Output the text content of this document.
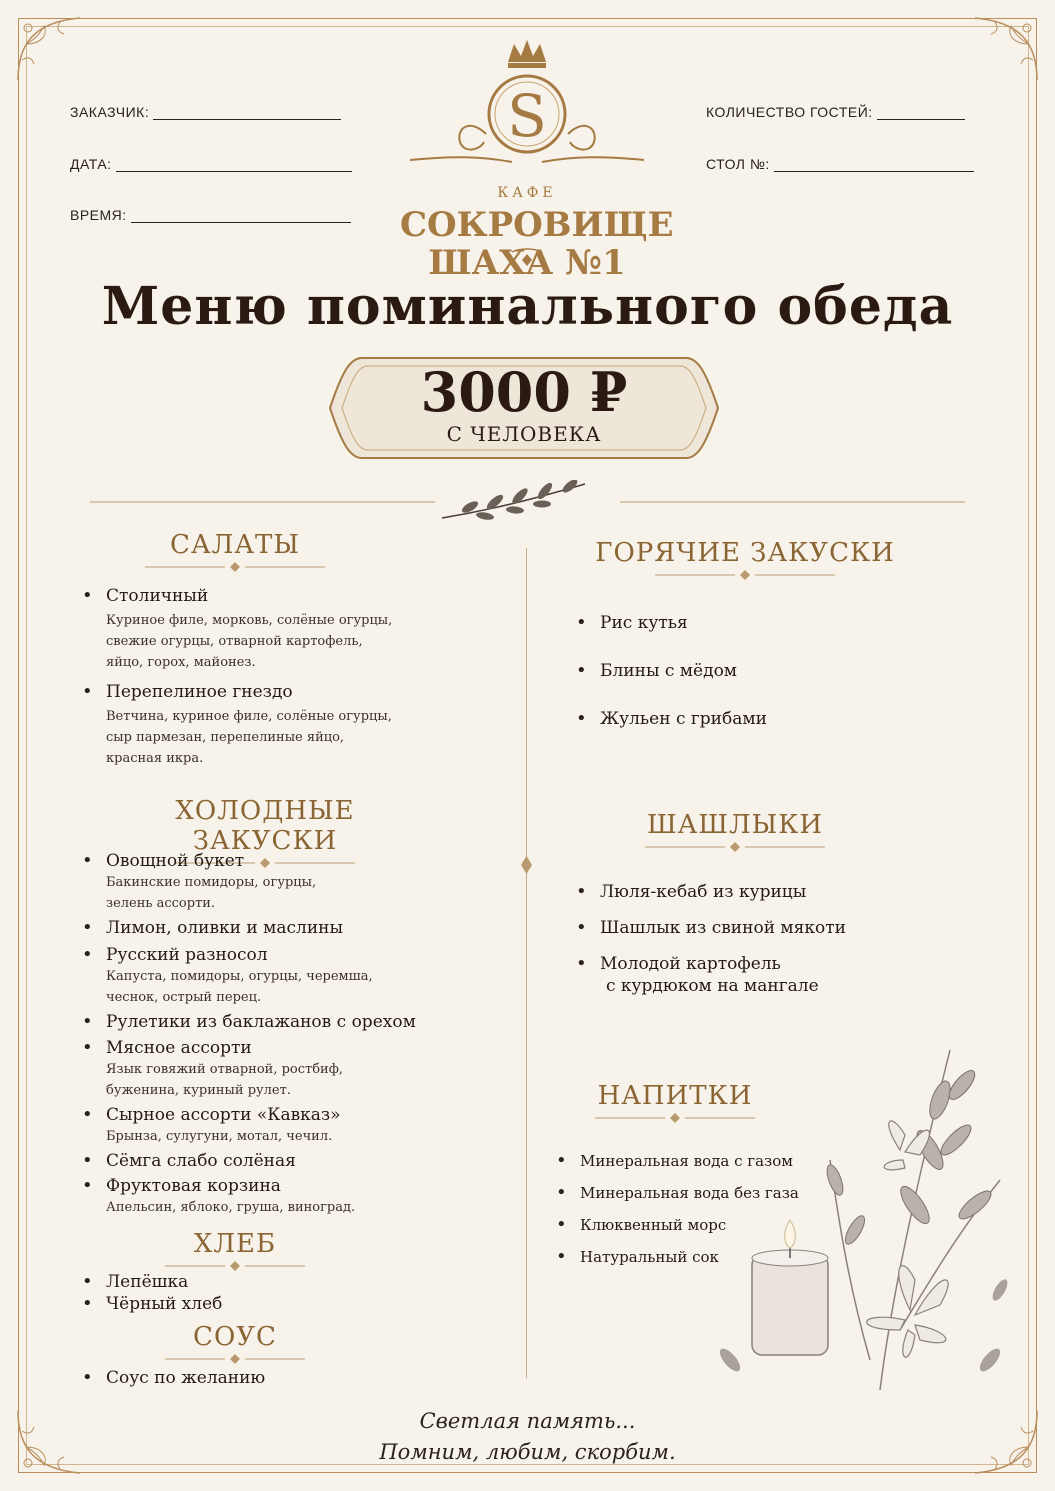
ЗАКАЗЧИК:
ДАТА:
ВРЕМЯ:
КОЛИЧЕСТВО ГОСТЕЙ:
СТОЛ №:
S
КАФЕ
СОКРОВИЩЕ
ШАХА №1
Меню поминального обеда
3000 ₽
С ЧЕЛОВЕКА
САЛАТЫ
• Столичный
Куриное филе, морковь, солёные огурцы,
свежие огурцы, отварной картофель,
яйцо, горох, майонез.
• Перепелиное гнездо
Ветчина, куриное филе, солёные огурцы,
сыр пармезан, перепелиные яйцо,
красная икра.
ХОЛОДНЫЕ ЗАКУСКИ
• Овощной букет
Бакинские помидоры, огурцы,
зелень ассорти.
• Лимон, оливки и маслины
• Русский разносол
Капуста, помидоры, огурцы, черемша,
чеснок, острый перец.
• Рулетики из баклажанов с орехом
• Мясное ассорти
Язык говяжий отварной, ростбиф,
буженина, куриный рулет.
• Сырное ассорти «Кавказ»
Брынза, сулугуни, мотал, чечил.
• Сёмга слабо солёная
• Фруктовая корзина
Апельсин, яблоко, груша, виноград.
ХЛЕБ
• Лепёшка
• Чёрный хлеб
СОУС
• Соус по желанию
ГОРЯЧИЕ ЗАКУСКИ
• Рис кутья
• Блины с мёдом
• Жульен с грибами
ШАШЛЫКИ
• Люля-кебаб из курицы
• Шашлык из свиной мякоти
• Молодой картофель
с курдюком на мангале
НАПИТКИ
• Минеральная вода с газом
• Минеральная вода без газа
• Клюквенный морс
• Натуральный сок
Светлая память...
Помним, любим, скорбим.
